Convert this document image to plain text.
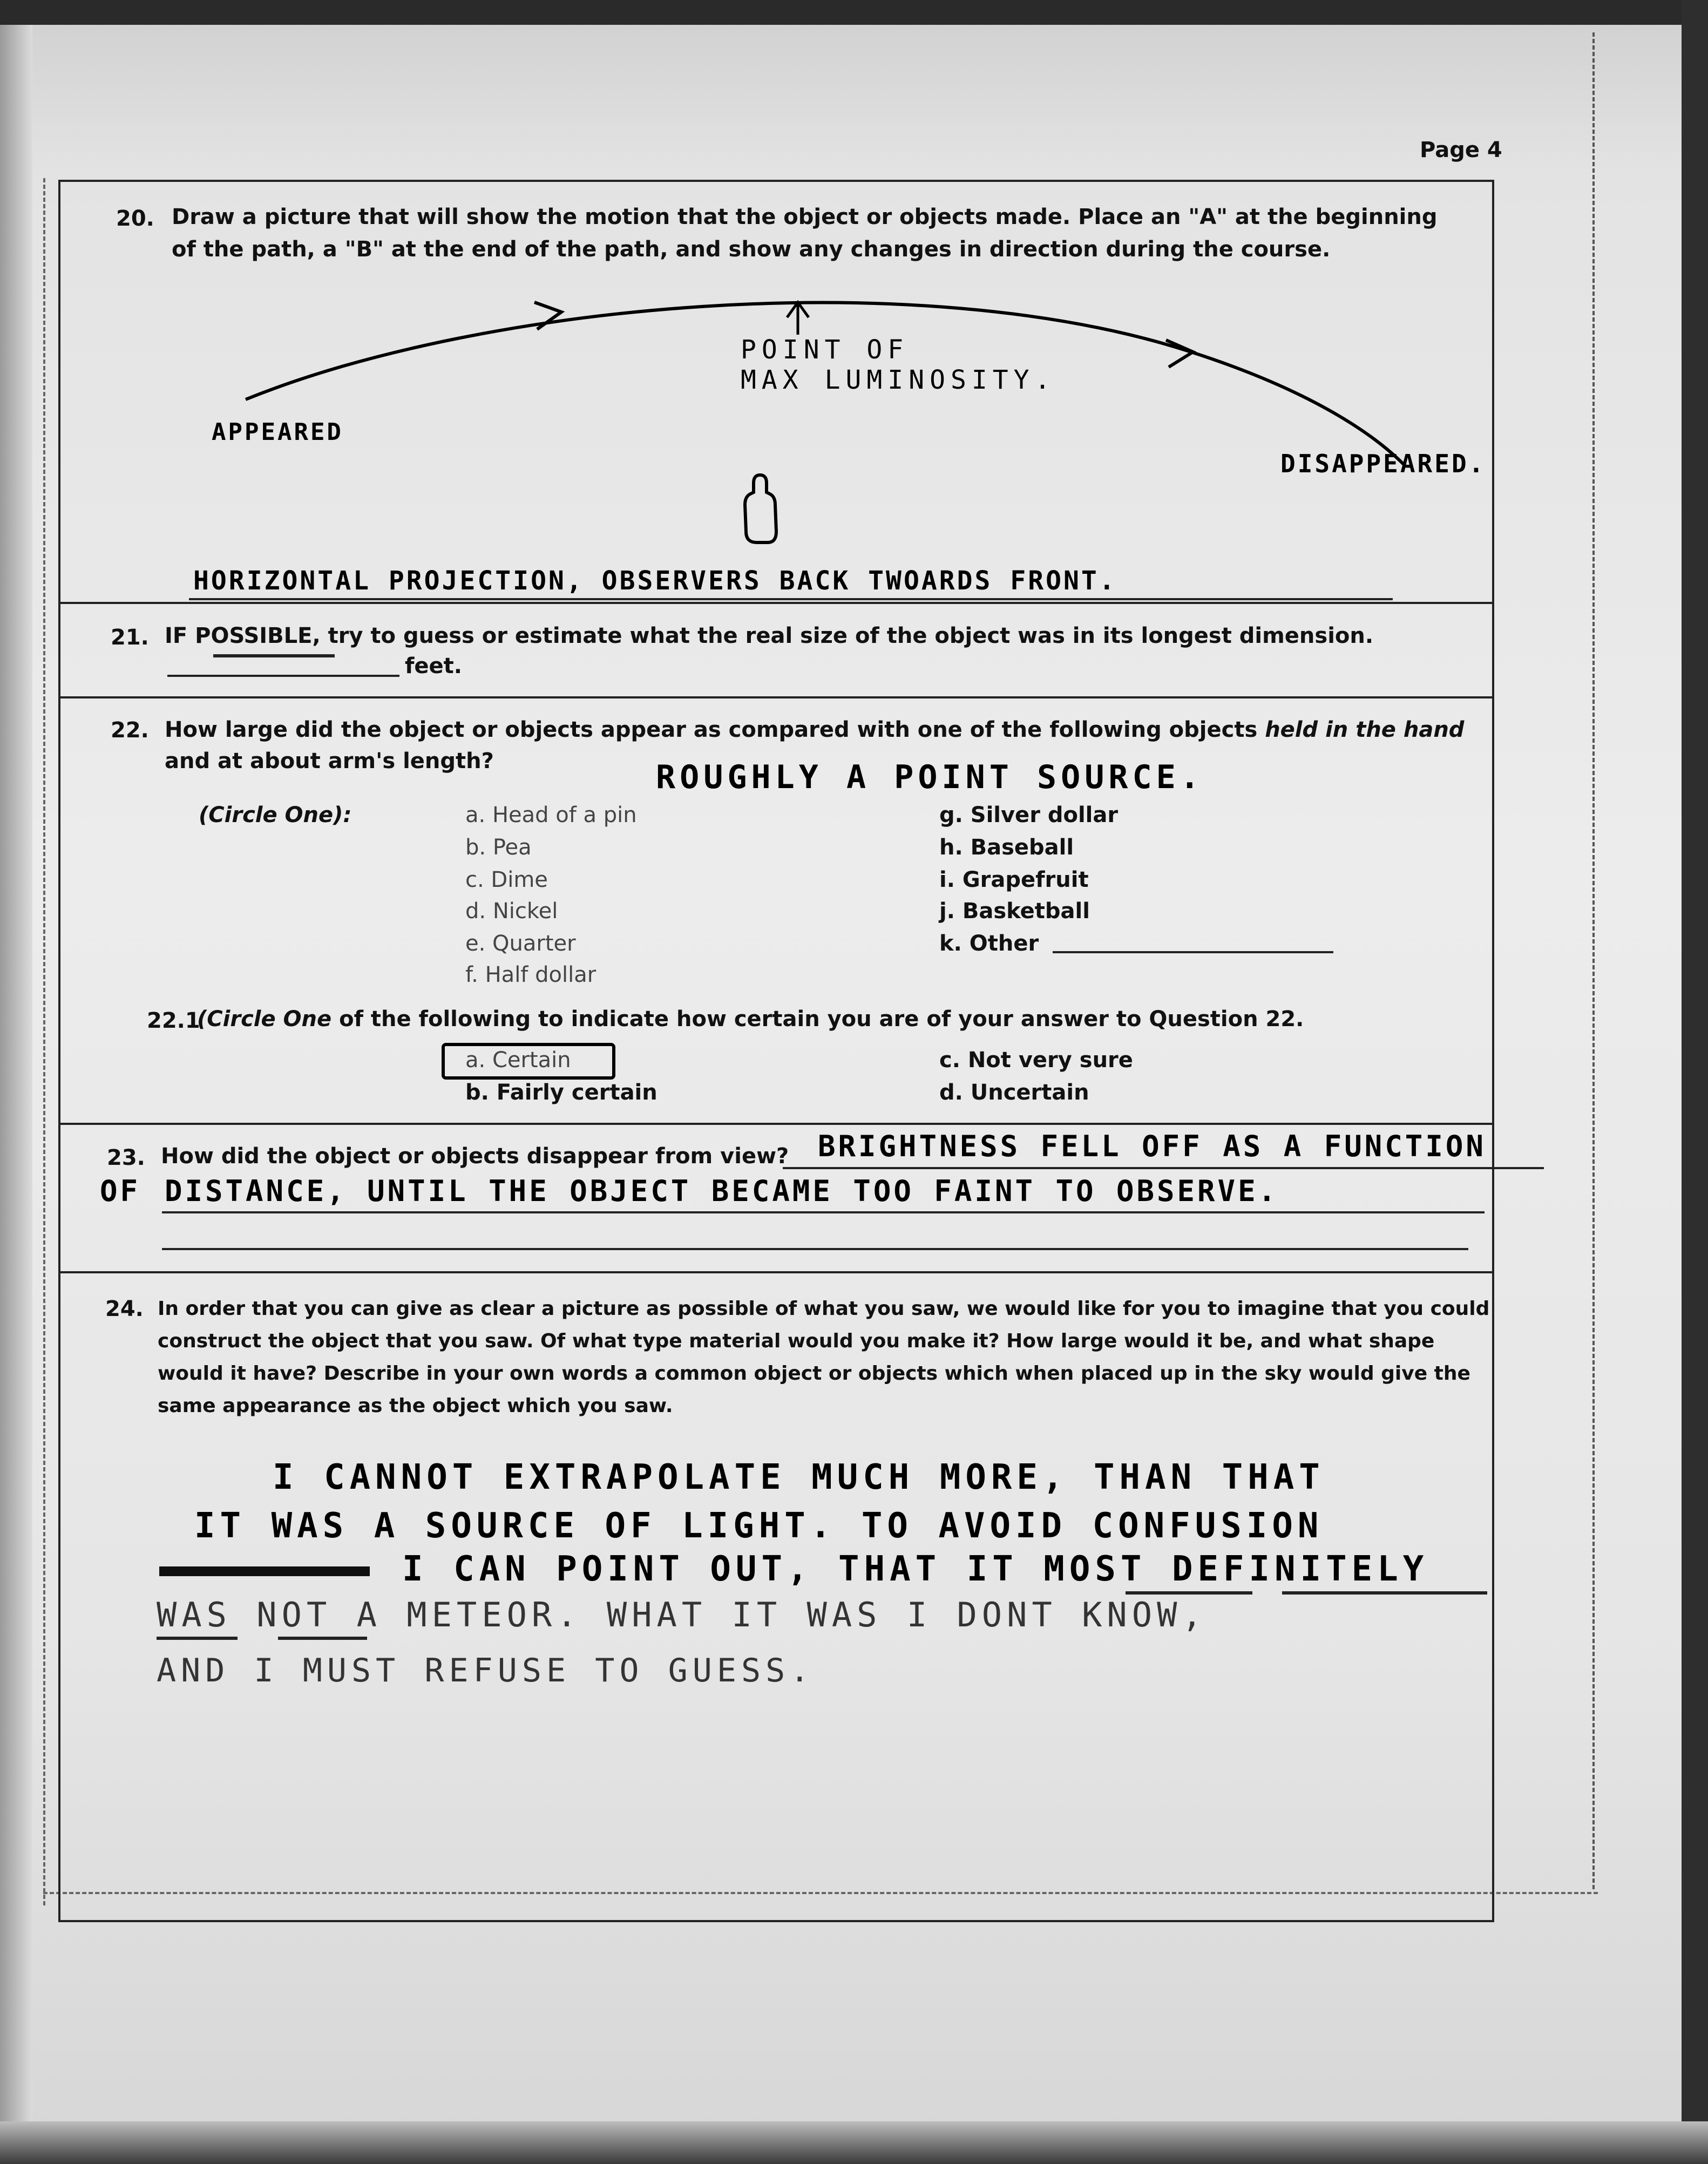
Page 4
20. Draw a picture that will show the motion that the object or objects made. Place an "A" at the beginning
of the path, a "B" at the end of the path, and show any changes in direction during the course.
POINT OF
MAX LUMINOSITY.
APPEARED
DISAPPEARED.
HORIZONTAL PROJECTION, OBSERVERS BACK TWOARDS FRONT.
21. IF POSSIBLE, try to guess or estimate what the real size of the object was in its longest dimension.
feet.
22. How large did the object or objects appear as compared with one of the following objects held in the hand
and at about arm's length?	ROUGHLY A POINT SOURCE.
(Circle One):	a. Head of a pin
b. Pea
c. Dime
d. Nickel
e. Quarter
f. Half dollar
g. Silver dollar
h. Baseball
i. Grapefruit
j. Basketball
k. Other
22.1
(Circle One of the following to indicate how certain you are of your answer to Question 22.
a. Certain
b. Fairly certain
c. Not very sure
d. Uncertain
23. How did the object or objects disappear from view? BRIGHTNESS FELL OFF AS A FUNCTION
OF DISTANCE, UNTIL THE OBJECT BECAME TOO FAINT TO OBSERVE.
24. In order that you can give as clear a picture as possible of what you saw, we would like for you to imagine that you could
construct the object that you saw. Of what type material would you make it? How large would it be, and what shape
would it have? Describe in your own words a common object or objects which when placed up in the sky would give the
same appearance as the object which you saw.
I CANNOT EXTRAPOLATE MUCH MORE, THAN THAT
IT WAS A SOURCE OF LIGHT. TO AVOID CONFUSION
I CAN POINT OUT, THAT IT MOST DEFINITELY
WAS NOT A METEOR. WHAT IT WAS I DONT KNOW,
AND I MUST REFUSE TO GUESS.
